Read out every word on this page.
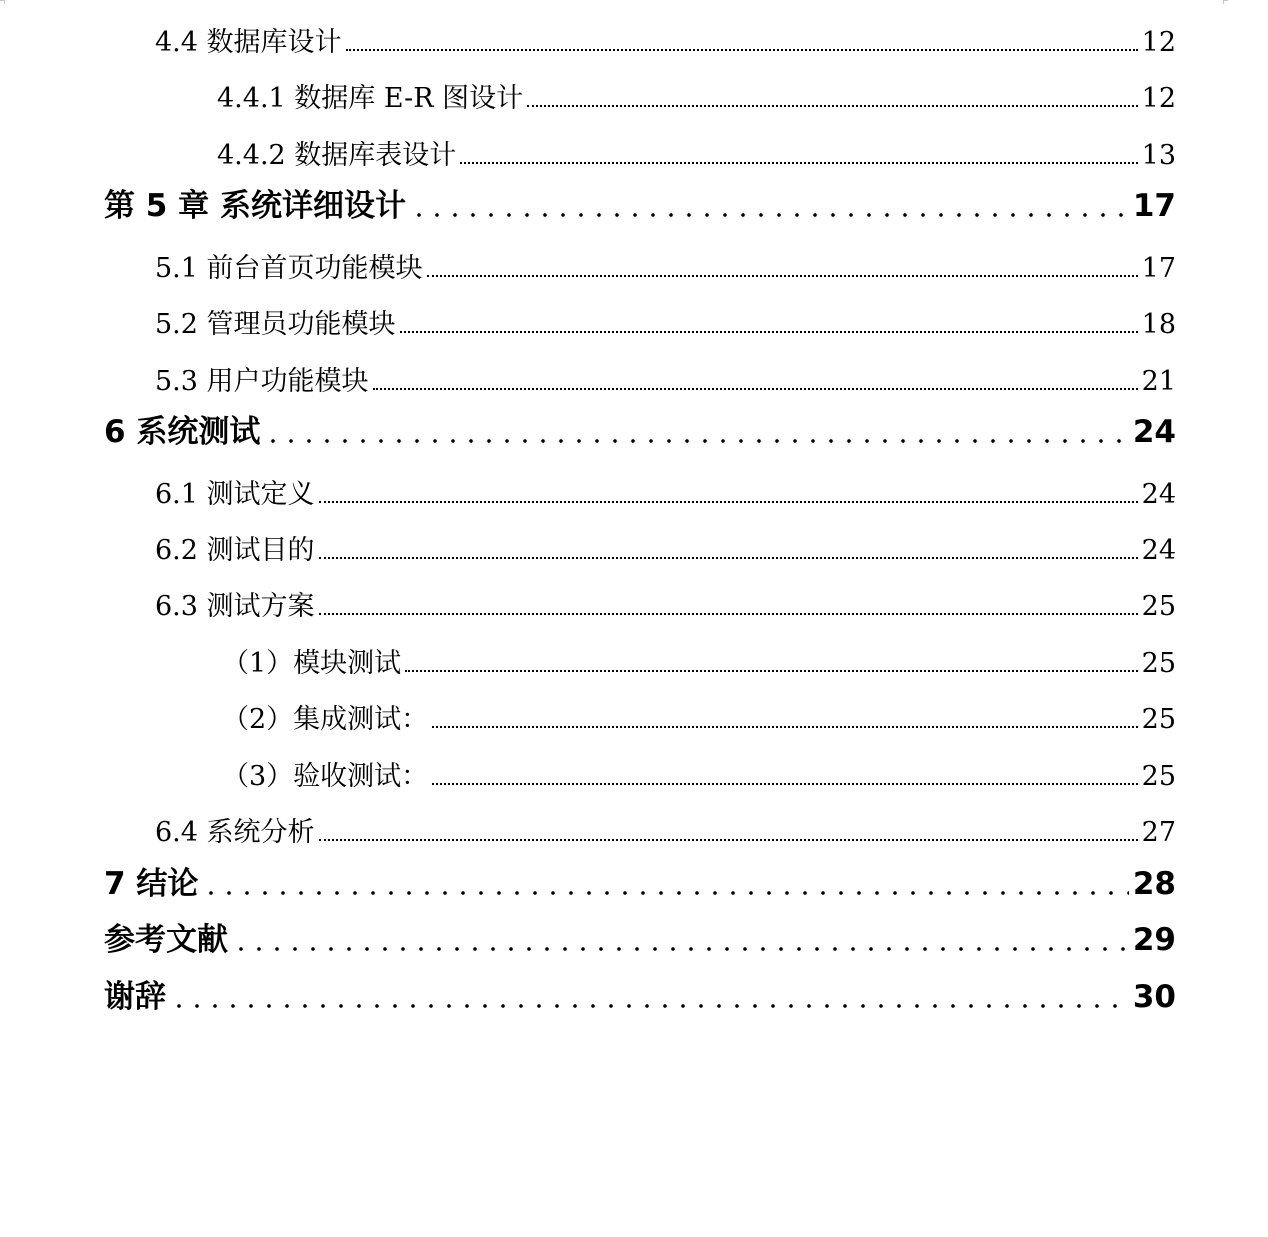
4.4 数据库设计	12
4.4.1 数据库 E-R 图设计	12
4.4.2 数据库表设计	13
第 5 章 系统详细设计	17
5.1 前台首页功能模块	17
5.2 管理员功能模块	18
5.3 用户功能模块	21
6 系统测试	24
6.1 测试定义	24
6.2 测试目的	24
6.3 测试方案	25
（1）模块测试	25
（2）集成测试：	25
（3）验收测试：	25
6.4 系统分析	27
7 结论	28
参考文献	29
谢辞	30
